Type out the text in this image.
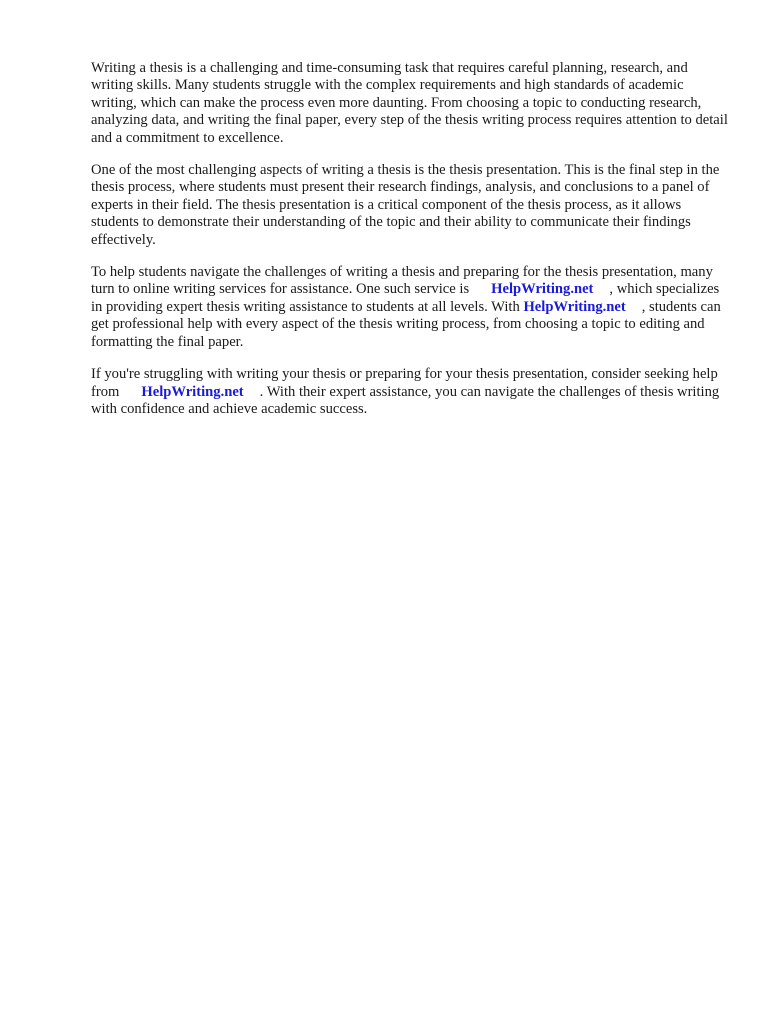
Writing a thesis is a challenging and time-consuming task that requires careful planning, research, and writing skills. Many students struggle with the complex requirements and high standards of academic writing, which can make the process even more daunting. From choosing a topic to conducting research, analyzing data, and writing the final paper, every step of the thesis writing process requires attention to detail and a commitment to excellence.

One of the most challenging aspects of writing a thesis is the thesis presentation. This is the final step in the thesis process, where students must present their research findings, analysis, and conclusions to a panel of experts in their field. The thesis presentation is a critical component of the thesis process, as it allows students to demonstrate their understanding of the topic and their ability to communicate their findings effectively.

To help students navigate the challenges of writing a thesis and preparing for the thesis presentation, many turn to online writing services for assistance. One such service is HelpWriting.net , which specializes in providing expert thesis writing assistance to students at all levels. With HelpWriting.net , students can get professional help with every aspect of the thesis writing process, from choosing a topic to editing and formatting the final paper.

If you're struggling with writing your thesis or preparing for your thesis presentation, consider seeking help from HelpWriting.net . With their expert assistance, you can navigate the challenges of thesis writing with confidence and achieve academic success.
